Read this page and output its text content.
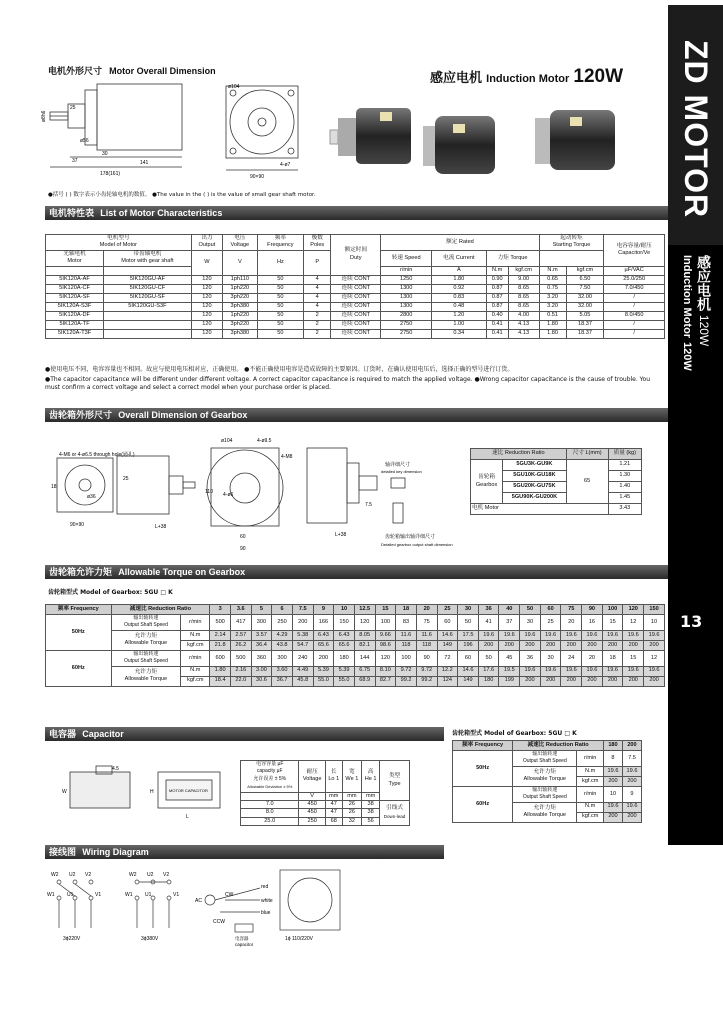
电机外形尺寸 Motor Overall Dimension	感应电机 Induction Motor 120W
ø8h6
30
37	141
178(161)
25
ø56
ø104
4-ø7
90×90
●括号 ( ) 数字表示小齿轮轴电机的数值。 ●The value in the ( ) is the value of small gear shaft motor.
电机特性表 List of Motor Characteristics
电机型号
Model of Motor		出力
Output	电压
Voltage	频率
Frequency	极数
Poles	额定时间
Duty	额定 Rated				起动转矩
Starting Torque		电容容量/耐压
Capacitor/Ve
光轴电机
Motor	带齿轴电机
Motor with gear shaft	W	V	Hz	P		转速 Speed	电流 Current	力矩 Torque				
							r/min	A	N.m	kgf.cm	N.m	kgf.cm	µF/VAC
5IK120A-AF	5IK120GU-AF	120	1ph110	50	4	连续 CONT	1250	1.80	0.90	9.00	0.65	6.50	25.0/250
5IK120A-CF	5IK120GU-CF	120	1ph220	50	4	连续 CONT	1300	0.92	0.87	8.65	0.75	7.50	7.0/450
5IK120A-SF	5IK120GU-SF	120	3ph220	50	4	连续 CONT	1300	0.83	0.87	8.65	3.20	32.00	/
5IK120A-S3F	5IK120GU-S3F	120	3ph380	50	4	连续 CONT	1300	0.48	0.87	8.65	3.20	32.00	/
5IK120A-DF		120	1ph220	50	2	连续 CONT	2800	1.20	0.40	4.00	0.51	5.05	8.0/450
5IK120A-TF		120	3ph220	50	2	连续 CONT	2750	1.00	0.41	4.13	1.80	18.37	/
5IK120A-T3F		120	3ph380	50	2	连续 CONT	2750	0.34	0.41	4.13	1.80	18.37	/
●使用电压不同，电容容量也不相同。故应与使用电压相对应，正确使用。 ●不能正确使用电容是造成故障的主要原因。订货时，在确认使用电压后，选择正确的型号进行订货。
●The capacitor capacitance will be different under different voltage. A correct capacitor capacitance is required to match the applied voltage. ●Wrong capacitor capacitance is the cause of trouble. You must confirm a correct voltage and select a correct model when your purchase order is placed.
齿轮箱外形尺寸 Overall Dimension of Gearbox
4-M6 or 4-ø6.5 through hole(通孔)
ø36
90×90	L+38
25
18
ø104	4-ø9.5
4-M8
4-ø6
110
60
90
L+38
7.5
轴详细尺寸
detailed key dimension
齿轮箱输出轴详细尺寸
Detailed gearbox output shaft dimension
速比 Reduction Ratio		尺寸 L(mm)	质量 (kg)
齿轮箱
Gearbox	5GU3K-GU9K	65	1.21
	5GU10K-GU18K		1.30
	5GU20K-GU75K		1.40
	5GU90K-GU200K		1.45
电机 Motor			3.43
齿轮箱允许力矩 Allowable Torque on Gearbox
齿轮箱型式 Model of Gearbox: 5GU □ K
频率 Frequency	减速比 Reduction Ratio		3	3.6	5	6	7.5	9	10	12.5	15	18	20	25	30	36	40	50	60	75	90	100	120	150
50Hz	输出轴转速
Output Shaft Speed	r/min	500	417	300	250	200	166	150	120	100	83	75	60	50	41	37	30	25	20	16	15	12	10
	允许力矩
Allowable Torque	N.m	2.14	2.57	3.57	4.29	5.38	6.43	6.43	8.05	9.66	11.6	11.6	14.6	17.5	19.6	19.6	19.6	19.6	19.6	19.6	19.6	19.6	19.6
		kgf.cm	21.8	26.2	36.4	43.8	54.7	65.6	65.6	82.1	98.6	118	118	149	196	200	200	200	200	200	200	200	200	200
60Hz	输出轴转速
Output Shaft Speed	r/min	600	500	360	300	240	200	180	144	120	100	90	72	60	50	45	36	30	24	20	18	15	12
	允许力矩
Allowable Torque	N.m	1.80	2.16	3.00	3.60	4.49	5.39	5.39	6.75	8.10	9.72	9.72	12.2	14.6	17.6	19.5	19.6	19.6	19.6	19.6	19.6	19.6	19.6
		kgf.cm	18.4	22.0	30.6	36.7	45.8	55.0	55.0	68.9	82.7	99.2	99.2	124	149	180	199	200	200	200	200	200	200	200
电容器 Capacitor	齿轮箱型式 Model of Gearbox: 5GU □ K
频率 Frequency	减速比 Reduction Ratio		180	200
50Hz	输出轴转速
Output Shaft Speed	r/min	8	7.5
	允许力矩
Allowable Torque	N.m	19.6	19.6
		kgf.cm	200	200
60Hz	输出轴转速
Output Shaft Speed	r/min	10	9
	允许力矩
Allowable Torque	N.m	19.6	19.6
		kgf.cm	200	200
4.5
W	H
L
MOTOR CAPACITOR
电容容量 µF
capacity µF
允许误差 ± 5%
Allowable Deviation ± 5%	耐压
Voltage	长
Lo 1	宽
We 1	高
He 1	类型
Type
	V	mm	mm	mm	
7.0	450	47	26	38	引线式
Down-lead
8.0	450	47	26	38	
25.0	250	68	32	56	
接线图 Wiring Diagram
W2 U2 V2
W1	U1	V1
W2 U2 V2
W1	U1	V1
3ϕ220V	3ϕ380V
AC
CW
CCW
red
white
blue
电容器
capacitor
1ϕ 110/220V
ZD MOTOR
感应电机 120W
Induction Motor 120W
13
